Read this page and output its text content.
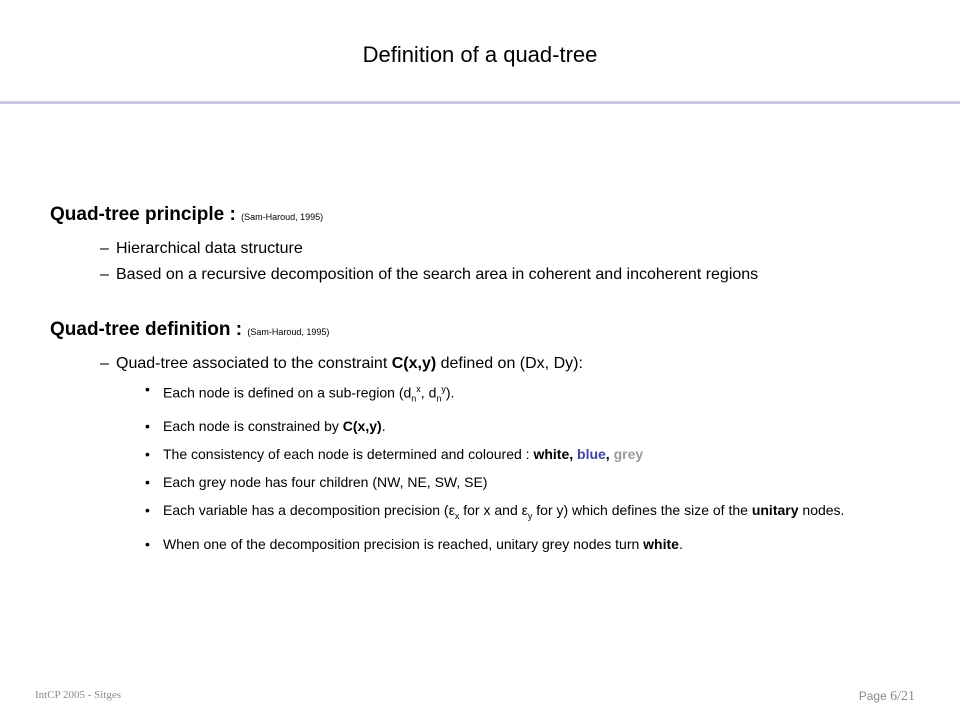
Definition of a quad-tree

Quad-tree principle : (Sam-Haroud, 1995)

– Hierarchical data structure
– Based on a recursive decomposition of the search area in coherent and incoherent regions

Quad-tree definition : (Sam-Haroud, 1995)

– Quad-tree associated to the constraint C(x,y) defined on (Dx, Dy):
• Each node is defined on a sub-region ($d_n^x$, $d_n^y$).
• Each node is constrained by C(x,y).
• The consistency of each node is determined and coloured : white, blue, grey
• Each grey node has four children (NW, NE, SW, SE)
• Each variable has a decomposition precision ($\varepsilon_x$ for x and $\varepsilon_y$ for y) which defines the size of the unitary nodes.
• When one of the decomposition precision is reached, unitary grey nodes turn white.
IntCP 2005 - Sitges	Page 6/21
